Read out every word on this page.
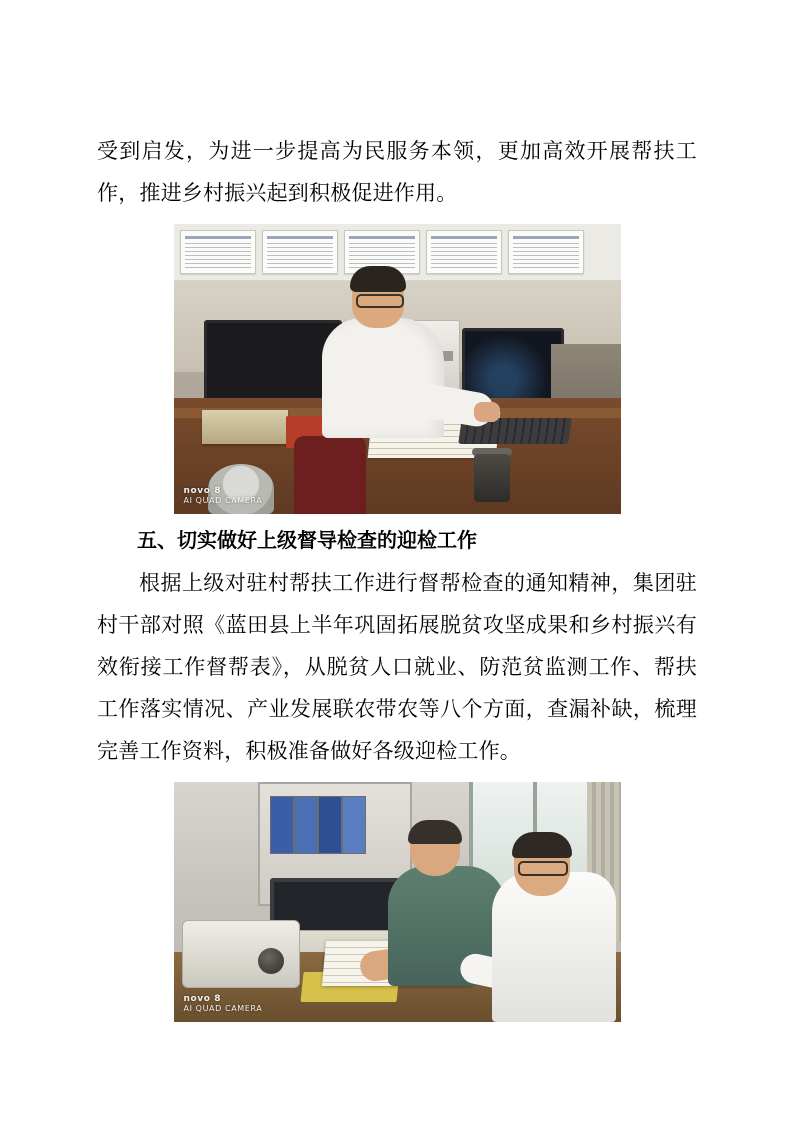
受到启发，为进一步提高为民服务本领，更加高效开展帮扶工作，推进乡村振兴起到积极促进作用。

novo 8
AI QUAD CAMERA
五、切实做好上级督导检查的迎检工作

根据上级对驻村帮扶工作进行督帮检查的通知精神，集团驻村干部对照《蓝田县上半年巩固拓展脱贫攻坚成果和乡村振兴有效衔接工作督帮表》，从脱贫人口就业、防范贫监测工作、帮扶工作落实情况、产业发展联农带农等八个方面，查漏补缺，梳理完善工作资料，积极准备做好各级迎检工作。

novo 8
AI QUAD CAMERA
